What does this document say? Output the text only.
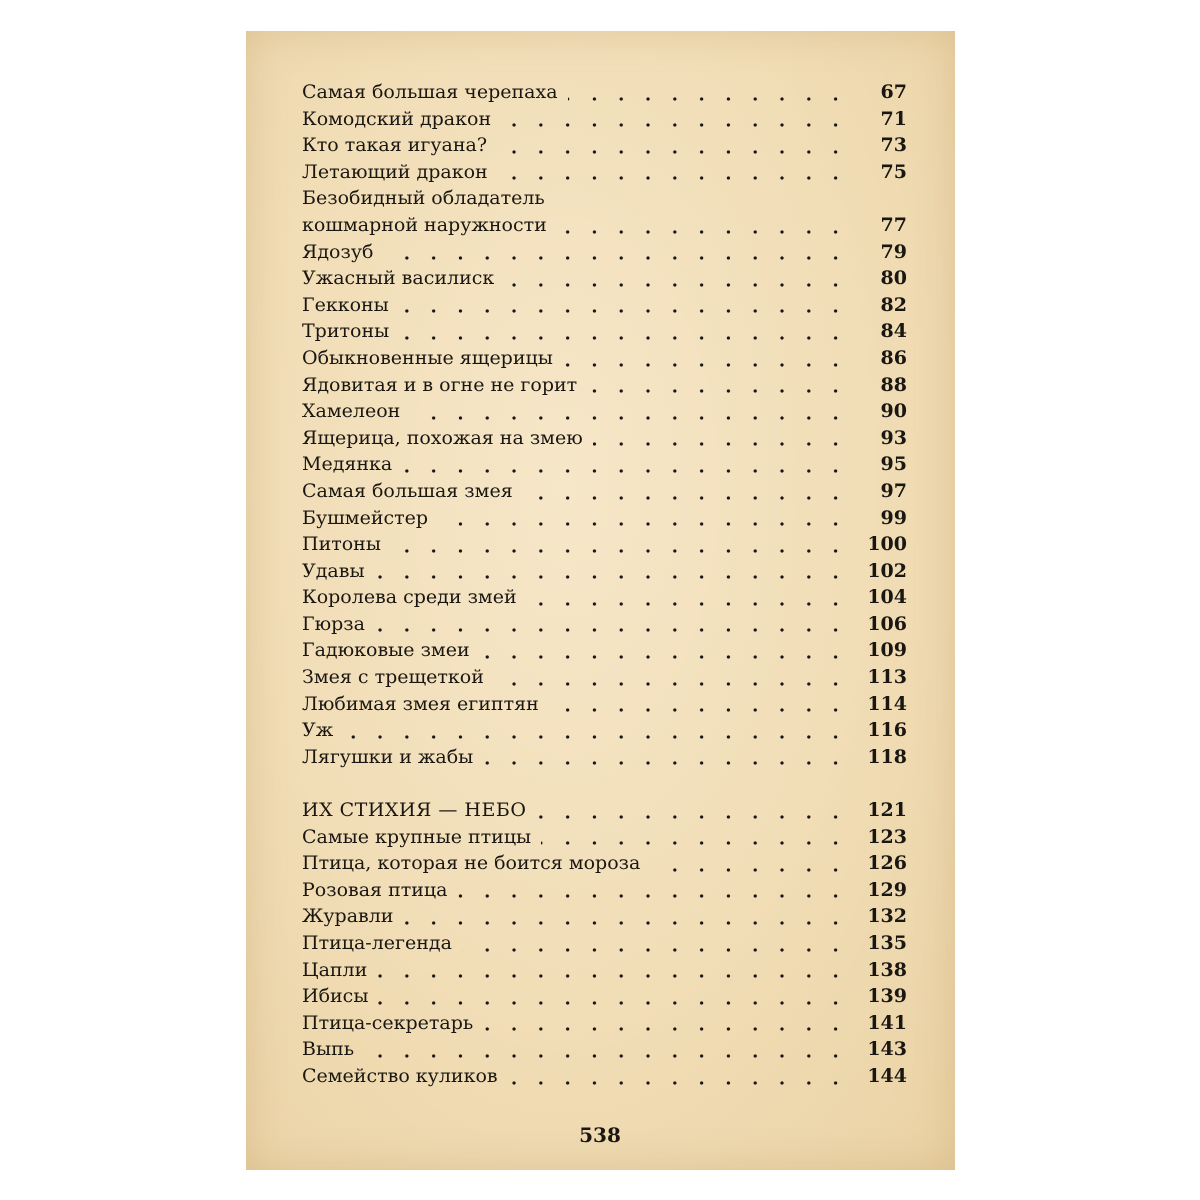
Самая большая черепаха	67
Комодский дракон	71
Кто такая игуана?	73
Летающий дракон	75
Безобидный обладатель
кошмарной наружности	77
Ядозуб	79
Ужасный василиск	80
Гекконы	82
Тритоны	84
Обыкновенные ящерицы	86
Ядовитая и в огне не горит	88
Хамелеон	90
Ящерица, похожая на змею	93
Медянка	95
Самая большая змея	97
Бушмейстер	99
Питоны	100
Удавы	102
Королева среди змей	104
Гюрза	106
Гадюковые змеи	109
Змея с трещеткой	113
Любимая змея египтян	114
Уж	116
Лягушки и жабы	118
ИХ СТИХИЯ — НЕБО	121
Самые крупные птицы	123
Птица, которая не боится мороза	126
Розовая птица	129
Журавли	132
Птица-легенда	135
Цапли	138
Ибисы	139
Птица-секретарь	141
Выпь	143
Семейство куликов	144
538
